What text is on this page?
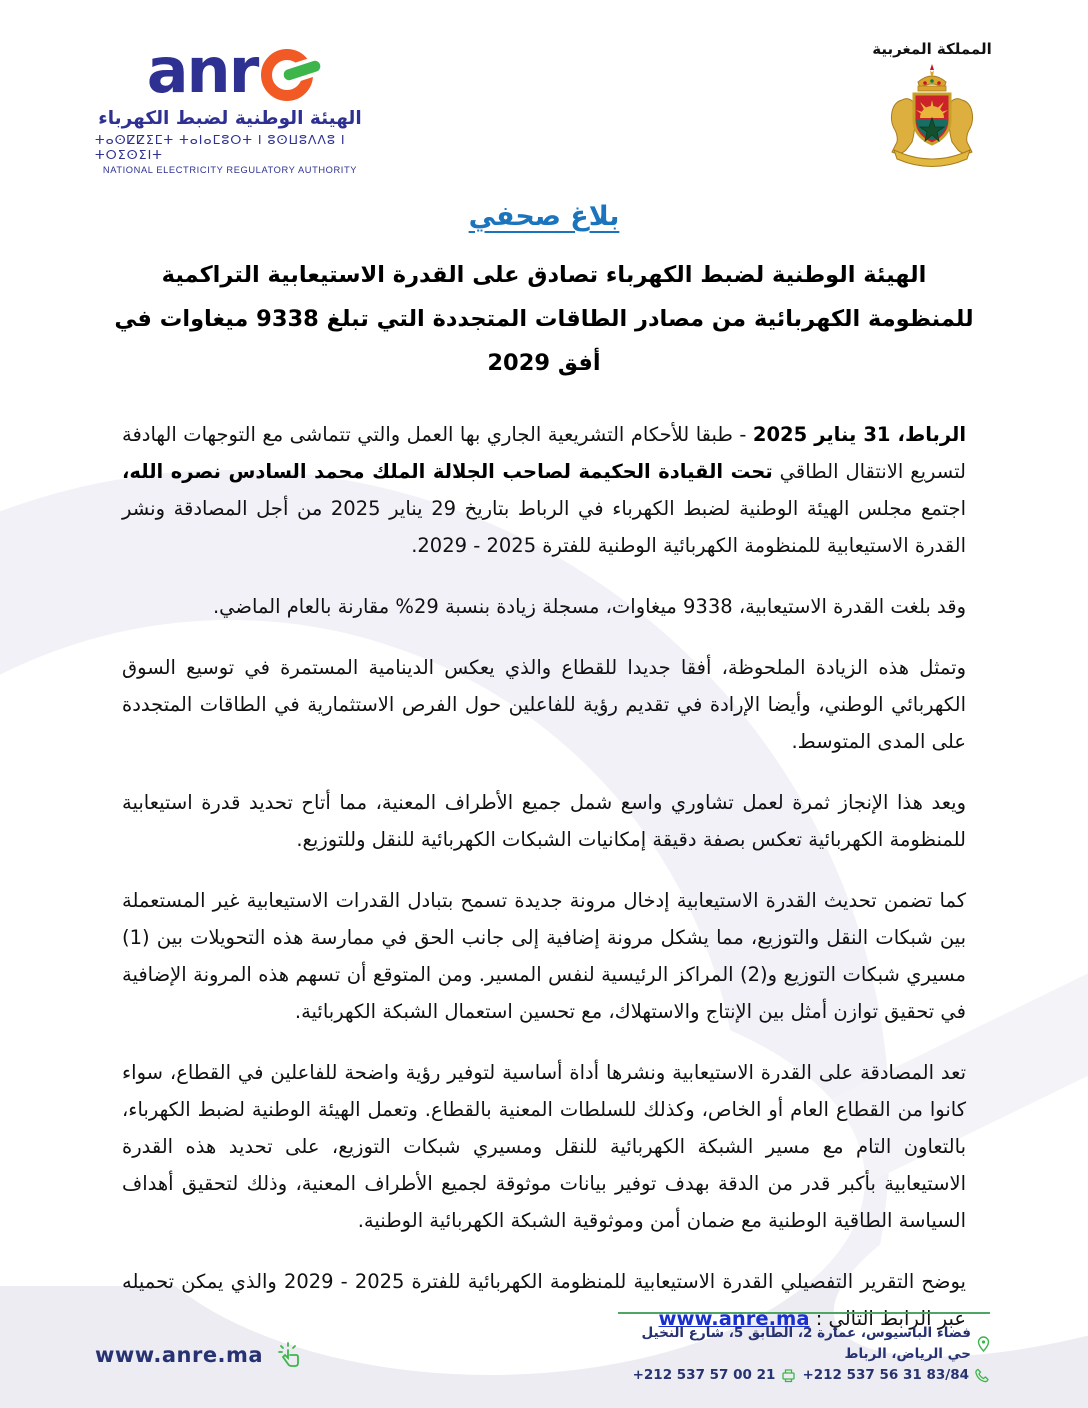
anr
الهيئة الوطنية لضبط الكهرباء
ⵜⴰⵙⵇⵇⵉⵎⵜ ⵜⴰⵏⴰⵎⵓⵔⵜ ⵏ ⵓⵙⵡⵓⴷⴷⵓ ⵏ ⵜⵔⵉⵙⵉⵏⵜ
NATIONAL ELECTRICITY REGULATORY AUTHORITY
المملكة المغربية
بلاغ صحفي
الهيئة الوطنية لضبط الكهرباء تصادق على القدرة الاستيعابية التراكمية للمنظومة الكهربائية من مصادر الطاقات المتجددة التي تبلغ 9338 ميغاوات في أفق 2029

الرباط، 31 يناير 2025 - طبقا للأحكام التشريعية الجاري بها العمل والتي تتماشى مع التوجهات الهادفة لتسريع الانتقال الطاقي تحت القيادة الحكيمة لصاحب الجلالة الملك محمد السادس نصره الله، اجتمع مجلس الهيئة الوطنية لضبط الكهرباء في الرباط بتاريخ 29 يناير 2025 من أجل المصادقة ونشر القدرة الاستيعابية للمنظومة الكهربائية الوطنية للفترة 2025 - 2029.

وقد بلغت القدرة الاستيعابية، 9338 ميغاوات، مسجلة زيادة بنسبة 29% مقارنة بالعام الماضي.

وتمثل هذه الزيادة الملحوظة، أفقا جديدا للقطاع والذي يعكس الدينامية المستمرة في توسيع السوق الكهربائي الوطني، وأيضا الإرادة في تقديم رؤية للفاعلين حول الفرص الاستثمارية في الطاقات المتجددة على المدى المتوسط.

ويعد هذا الإنجاز ثمرة لعمل تشاوري واسع شمل جميع الأطراف المعنية، مما أتاح تحديد قدرة استيعابية للمنظومة الكهربائية تعكس بصفة دقيقة إمكانيات الشبكات الكهربائية للنقل وللتوزيع.

كما تضمن تحديث القدرة الاستيعابية إدخال مرونة جديدة تسمح بتبادل القدرات الاستيعابية غير المستعملة بين شبكات النقل والتوزيع، مما يشكل مرونة إضافية إلى جانب الحق في ممارسة هذه التحويلات بين (1) مسيري شبكات التوزيع و(2) المراكز الرئيسية لنفس المسير. ومن المتوقع أن تسهم هذه المرونة الإضافية في تحقيق توازن أمثل بين الإنتاج والاستهلاك، مع تحسين استعمال الشبكة الكهربائية.

تعد المصادقة على القدرة الاستيعابية ونشرها أداة أساسية لتوفير رؤية واضحة للفاعلين في القطاع، سواء كانوا من القطاع العام أو الخاص، وكذلك للسلطات المعنية بالقطاع. وتعمل الهيئة الوطنية لضبط الكهرباء، بالتعاون التام مع مسير الشبكة الكهربائية للنقل ومسيري شبكات التوزيع، على تحديد هذه القدرة الاستيعابية بأكبر قدر من الدقة بهدف توفير بيانات موثوقة لجميع الأطراف المعنية، وذلك لتحقيق أهداف السياسة الطاقية الوطنية مع ضمان أمن وموثوقية الشبكة الكهربائية الوطنية.

يوضح التقرير التفصيلي القدرة الاستيعابية للمنظومة الكهربائية للفترة 2025 - 2029 والذي يمكن تحميله عبر الرابط التالي : www.anre.ma

www.anre.ma
فضاء الباسيوس، عمارة 2، الطابق 5، شارع النخيل حي الرياض، الرباط
+212 537 56 31 83/84
+212 537 57 00 21
